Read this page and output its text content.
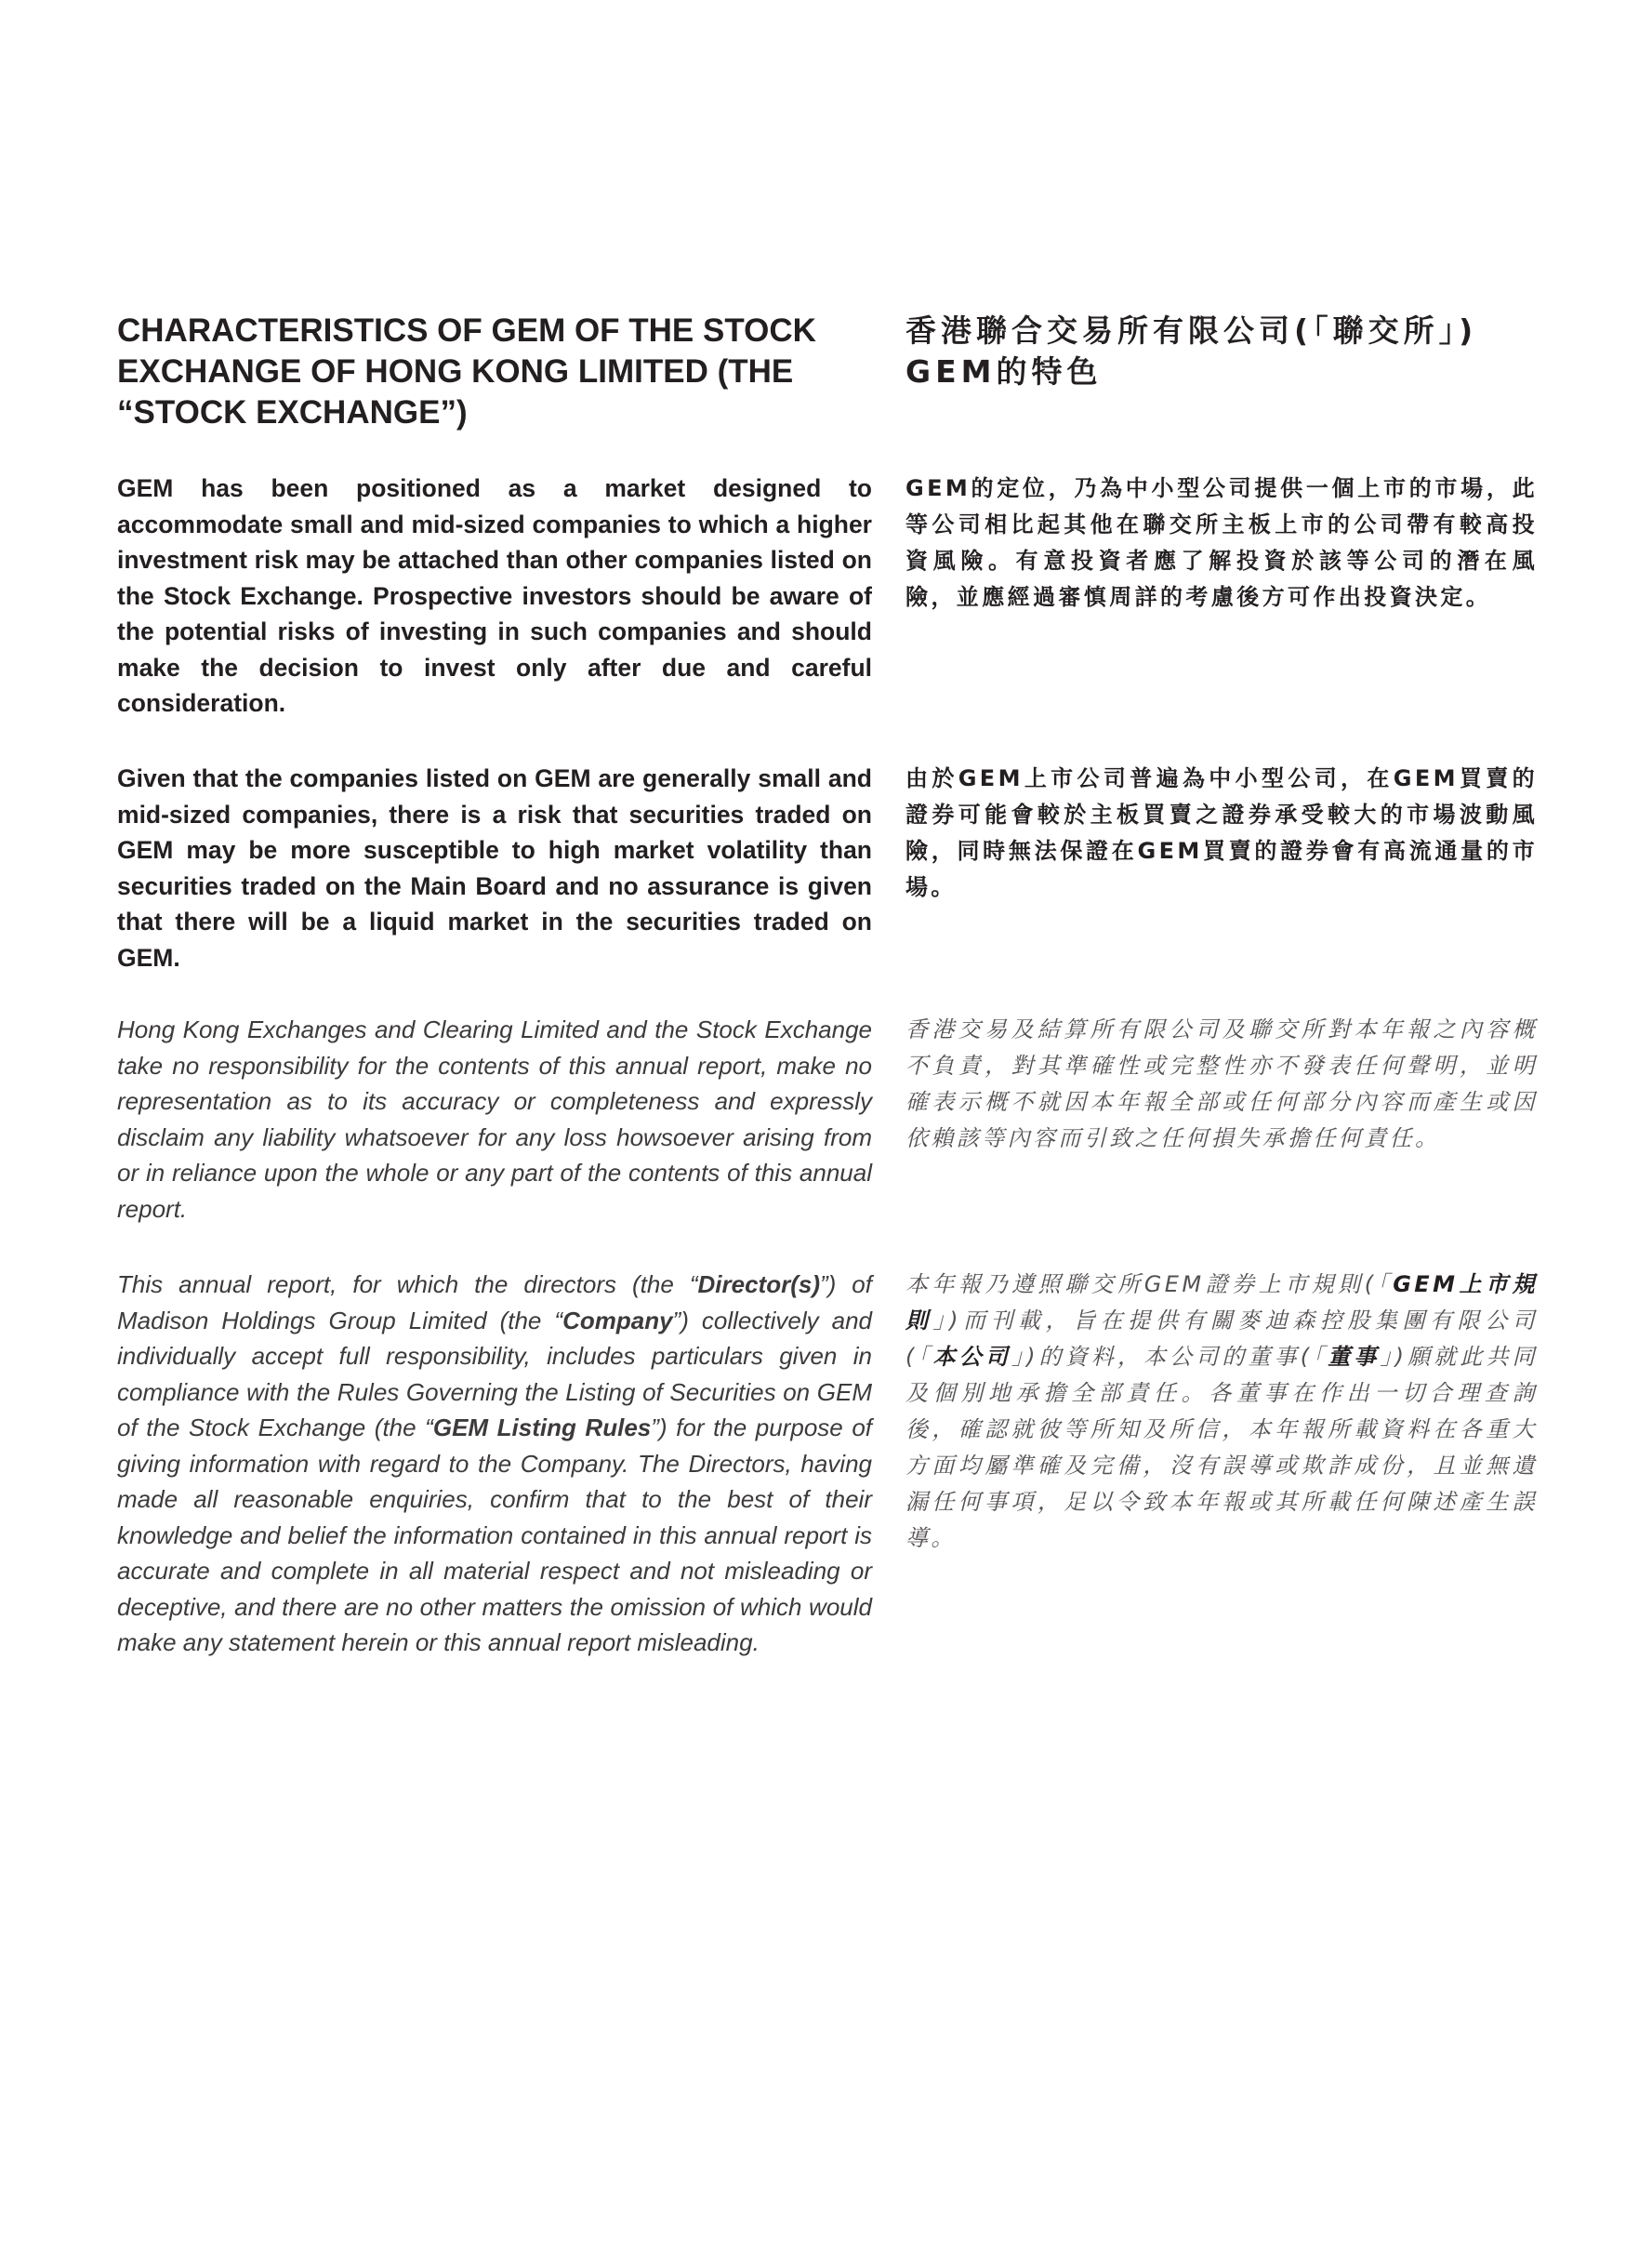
CHARACTERISTICS OF GEM OF THE STOCK EXCHANGE OF HONG KONG LIMITED (THE “STOCK EXCHANGE”)
香港聯合交易所有限公司(「聯交所」)
GEM的特色

GEM has been positioned as a market designed to accommodate small and mid-sized companies to which a higher investment risk may be attached than other companies listed on the Stock Exchange. Prospective investors should be aware of the potential risks of investing in such companies and should make the decision to invest only after due and careful consideration.

GEM的定位，乃為中小型公司提供一個上市的市場，此等公司相比起其他在聯交所主板上市的公司帶有較高投資風險。有意投資者應了解投資於該等公司的潛在風險，並應經過審慎周詳的考慮後方可作出投資決定。

Given that the companies listed on GEM are generally small and mid-sized companies, there is a risk that securities traded on GEM may be more susceptible to high market volatility than securities traded on the Main Board and no assurance is given that there will be a liquid market in the securities traded on GEM.

由於GEM上市公司普遍為中小型公司，在GEM買賣的證券可能會較於主板買賣之證券承受較大的市場波動風險，同時無法保證在GEM買賣的證券會有高流通量的市場。

Hong Kong Exchanges and Clearing Limited and the Stock Exchange take no responsibility for the contents of this annual report, make no representation as to its accuracy or completeness and expressly disclaim any liability whatsoever for any loss howsoever arising from or in reliance upon the whole or any part of the contents of this annual report.

香港交易及結算所有限公司及聯交所對本年報之內容概不負責，對其準確性或完整性亦不發表任何聲明，並明確表示概不就因本年報全部或任何部分內容而產生或因依賴該等內容而引致之任何損失承擔任何責任。

This annual report, for which the directors (the “Director(s)”) of Madison Holdings Group Limited (the “Company”) collectively and individually accept full responsibility, includes particulars given in compliance with the Rules Governing the Listing of Securities on GEM of the Stock Exchange (the “GEM Listing Rules”) for the purpose of giving information with regard to the Company. The Directors, having made all reasonable enquiries, confirm that to the best of their knowledge and belief the information contained in this annual report is accurate and complete in all material respect and not misleading or deceptive, and there are no other matters the omission of which would make any statement herein or this annual report misleading.

本年報乃遵照聯交所GEM證券上市規則(「GEM上市規則」)而刊載，旨在提供有關麥迪森控股集團有限公司(「本公司」)的資料，本公司的董事(「董事」)願就此共同及個別地承擔全部責任。各董事在作出一切合理查詢後，確認就彼等所知及所信，本年報所載資料在各重大方面均屬準確及完備，沒有誤導或欺詐成份，且並無遺漏任何事項，足以令致本年報或其所載任何陳述產生誤導。
